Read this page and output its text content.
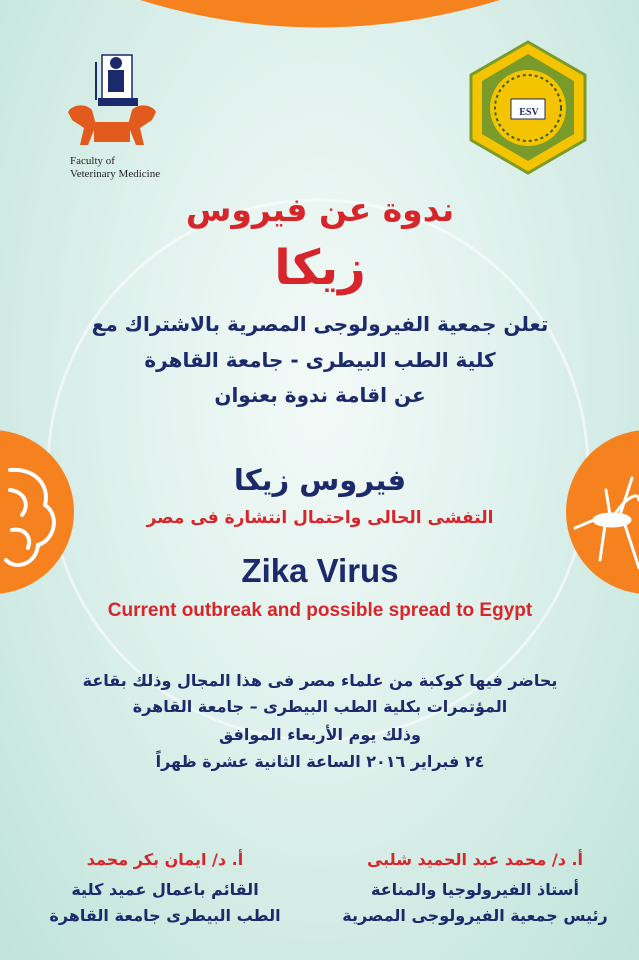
ESV
Faculty of
Veterinary Medicine
ندوة عن فيروس
زيكا
تعلن جمعية الفيرولوجى المصرية بالاشتراك مع
كلية الطب البيطرى - جامعة القاهرة
عن اقامة ندوة بعنوان
فيروس زيكا
التفشى الحالى واحتمال انتشارة فى مصر
Zika Virus
Current outbreak and possible spread to Egypt
يحاضر فيها كوكبة من علماء مصر فى هذا المجال وذلك بقاعة
المؤتمرات بكلية الطب البيطرى – جامعة القاهرة
وذلك يوم الأربعاء الموافق
٢٤ فبراير ٢٠١٦ الساعة الثانية عشرة ظهراً
أ. د/ ايمان بكر محمد
القائم باعمال عميد كلية
الطب البيطرى جامعة القاهرة
أ. د/ محمد عبد الحميد شلبى
أستاذ الفيرولوجيا والمناعة
رئيس جمعية الفيرولوجى المصرية
